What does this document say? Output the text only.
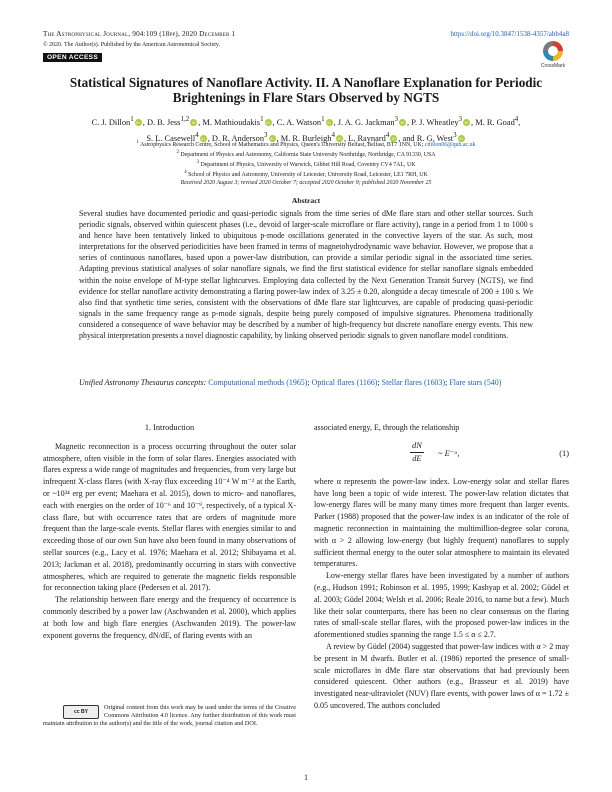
The Astrophysical Journal, 904:109 (18pp), 2020 December 1	https://doi.org/10.3847/1538-4357/abb4a8
© 2020. The Author(s). Published by the American Astronomical Society.
OPEN ACCESS
CrossMark
Statistical Signatures of Nanoflare Activity. II. A Nanoflare Explanation for Periodic Brightenings in Flare Stars Observed by NGTS
C. J. Dillon$^1$ iD , D. B. Jess$^{1,2}$ iD , M. Mathioudakis$^1$ iD , C. A. Watson$^1$ iD , J. A. G. Jackman$^3$ iD , P. J. Wheatley$^3$ iD , M. R. Goad$^4$,
S. L. Casewell$^4$ iD , D. R. Anderson$^3$ iD , M. R. Burleigh$^4$ iD , L. Raynard$^4$ iD , and R. G. West$^3$ iD
$^1$ Astrophysics Research Centre, School of Mathematics and Physics, Queen's University Belfast, Belfast, BT7 1NN, UK; cdillon06@qub.ac.uk
$^2$ Department of Physics and Astronomy, California State University Northridge, Northridge, CA 91330, USA
$^3$ Department of Physics, University of Warwick, Gibbet Hill Road, Coventry CV4 7AL, UK
$^4$ School of Physics and Astronomy, University of Leicester, University Road, Leicester, LE1 7RH, UK
Received 2020 August 3; revised 2020 October 7; accepted 2020 October 9; published 2020 November 25
Abstract
Several studies have documented periodic and quasi-periodic signals from the time series of dMe flare stars and other stellar sources. Such periodic signals, observed within quiescent phases (i.e., devoid of larger-scale microflare or flare activity), range in a period from 1 to 1000 s and hence have been tentatively linked to ubiquitous p-mode oscillations generated in the convective layers of the star. As such, most interpretations for the observed periodicities have been framed in terms of magnetohydrodynamic wave behavior. However, we propose that a series of continuous nanoflares, based upon a power-law distribution, can provide a similar periodic signal in the associated time series. Adapting previous statistical analyses of solar nanoflare signals, we find the first statistical evidence for stellar nanoflare signals embedded within the noise envelope of M-type stellar lightcurves. Employing data collected by the Next Generation Transit Survey (NGTS), we find evidence for stellar nanoflare activity demonstrating a flaring power-law index of 3.25 ± 0.20, alongside a decay timescale of 200 ± 100 s. We also find that synthetic time series, consistent with the observations of dMe flare star lightcurves, are capable of producing quasi-periodic signals in the same frequency range as p-mode signals, despite being purely composed of impulsive signatures. Phenomena traditionally considered a consequence of wave behavior may be described by a number of high-frequency but discrete nanoflare energy events. This new physical interpretation presents a novel diagnostic capability, by linking observed periodic signals to given nanoflare model conditions.
Unified Astronomy Thesaurus concepts: Computational methods (1965); Optical flares (1166); Stellar flares (1603); Flare stars (540)
1. Introduction

Magnetic reconnection is a process occurring throughout the outer solar atmosphere, often visible in the form of solar flares. Energies associated with flares express a wide range of magnitudes and frequencies, from very large but infrequent X-class flares (with X-ray flux exceeding 10⁻⁴ W m⁻² at the Earth, or ~10³⁴ erg per event; Maehara et al. 2015), down to micro- and nanoflares, each with energies on the order of 10⁻⁶ and 10⁻⁹, respectively, of a typical X-class flare, but with occurrence rates that are orders of magnitude more frequent than the large-scale events. Stellar flares with energies similar to and exceeding those of our own Sun have also been found in many observations of stellar sources (e.g., Lacy et al. 1976; Maehara et al. 2012; Shibayama et al. 2013; Jackman et al. 2018), predominantly occurring in stars with convective atmospheres, which are required to generate the magnetic fields responsible for reconnection taking place (Pedersen et al. 2017).

The relationship between flare energy and the frequency of occurrence is commonly described by a power law (Aschwanden et al. 2000), which applies at both low and high flare energies (Aschwanden 2019). The power-law exponent governs the frequency, dN/dE, of flaring events with an

associated energy, E, through the relationship

$\frac{dN}{dE}$ ~ E⁻ᵅ,	(1)

where α represents the power-law index. Low-energy solar and stellar flares have long been a topic of wide interest. The power-law relation dictates that low-energy flares will be many many times more frequent than larger events. Parker (1988) proposed that the power-law index is an indicator of the role of magnetic reconnection in maintaining the multimillion-degree solar corona, with α > 2 allowing low-energy (but highly frequent) nanoflares to supply sufficient thermal energy to the outer solar atmosphere to maintain its elevated temperatures.

Low-energy stellar flares have been investigated by a number of authors (e.g., Hudson 1991; Robinson et al. 1995, 1999; Kashyap et al. 2002; Güdel et al. 2003; Güdel 2004; Welsh et al. 2006; Reale 2016, to name but a few). Much like their solar counterparts, there has been no clear consensus on the flaring rates of small-scale stellar flares, with the proposed power-law indices in the aforementioned studies spanning the range 1.5 ≤ α ≤ 2.7.

A review by Güdel (2004) suggested that power-law indices with α > 2 may be present in M dwarfs. Butler et al. (1986) reported the presence of small-scale microflares in dMe flare star observations that had previously been considered quiescent. Other authors (e.g., Brasseur et al. 2019) have investigated near-ultraviolet (NUV) flare events, with power laws of α = 1.72 ± 0.05 uncovered. The authors concluded

cc BY
Original content from this work may be used under the terms of the Creative Commons Attribution 4.0 licence. Any further distribution of this work must maintain attribution to the author(s) and the title of the work, journal citation and DOI.
1
